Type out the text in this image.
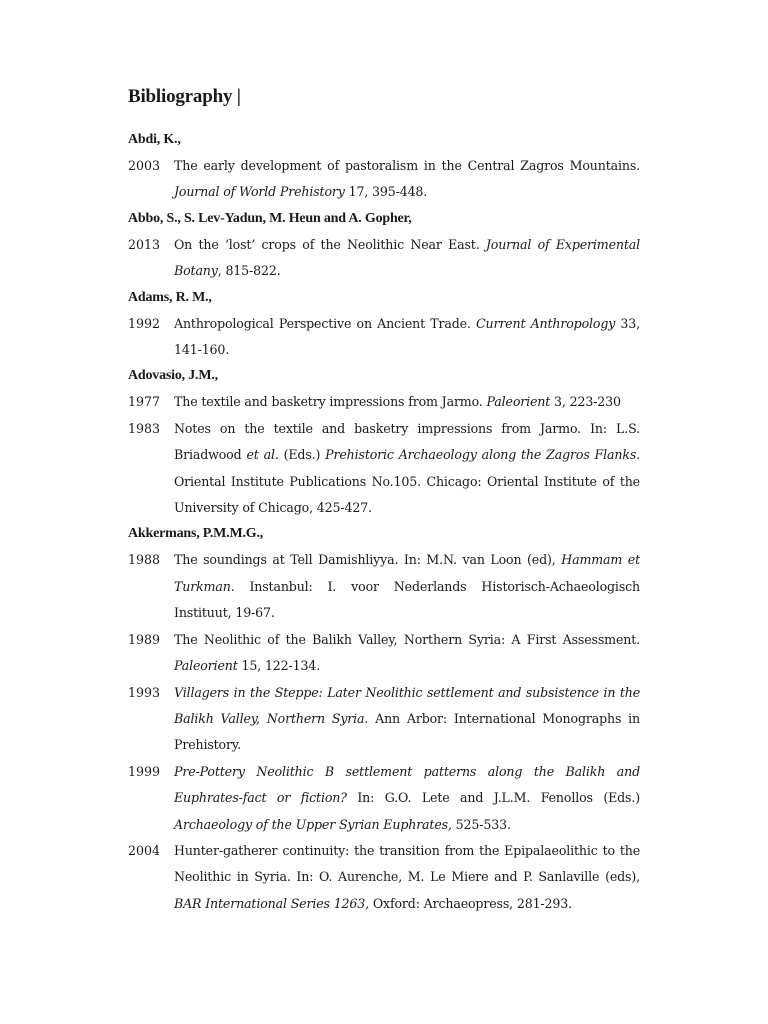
Bibliography |
Abdi, K.,
2003	The early development of pastoralism in the Central Zagros Mountains. Journal of World Prehistory 17, 395-448.
Abbo, S., S. Lev-Yadun, M. Heun and A. Gopher,
2013	On the ‘lost’ crops of the Neolithic Near East. Journal of Experimental Botany, 815-822.
Adams, R. M.,
1992	Anthropological Perspective on Ancient Trade. Current Anthropology 33, 141-160.
Adovasio, J.M.,
1977	The textile and basketry impressions from Jarmo. Paleorient 3, 223-230
1983	Notes on the textile and basketry impressions from Jarmo. In: L.S. Briadwood et al. (Eds.) Prehistoric Archaeology along the Zagros Flanks. Oriental Institute Publications No.105. Chicago: Oriental Institute of the University of Chicago, 425-427.
Akkermans, P.M.M.G.,
1988	The soundings at Tell Damishliyya. In: M.N. van Loon (ed), Hammam et Turkman. Instanbul: I. voor Nederlands Historisch-Achaeologisch Instituut, 19-67.
1989	The Neolithic of the Balikh Valley, Northern Syria: A First Assessment. Paleorient 15, 122-134.
1993	Villagers in the Steppe: Later Neolithic settlement and subsistence in the Balikh Valley, Northern Syria. Ann Arbor: International Monographs in Prehistory.
1999	Pre-Pottery Neolithic B settlement patterns along the Balikh and Euphrates-fact or fiction? In: G.O. Lete and J.L.M. Fenollos (Eds.) Archaeology of the Upper Syrian Euphrates, 525-533.
2004	Hunter-gatherer continuity: the transition from the Epipalaeolithic to the Neolithic in Syria. In: O. Aurenche, M. Le Miere and P. Sanlaville (eds), BAR International Series 1263, Oxford: Archaeopress, 281-293.
